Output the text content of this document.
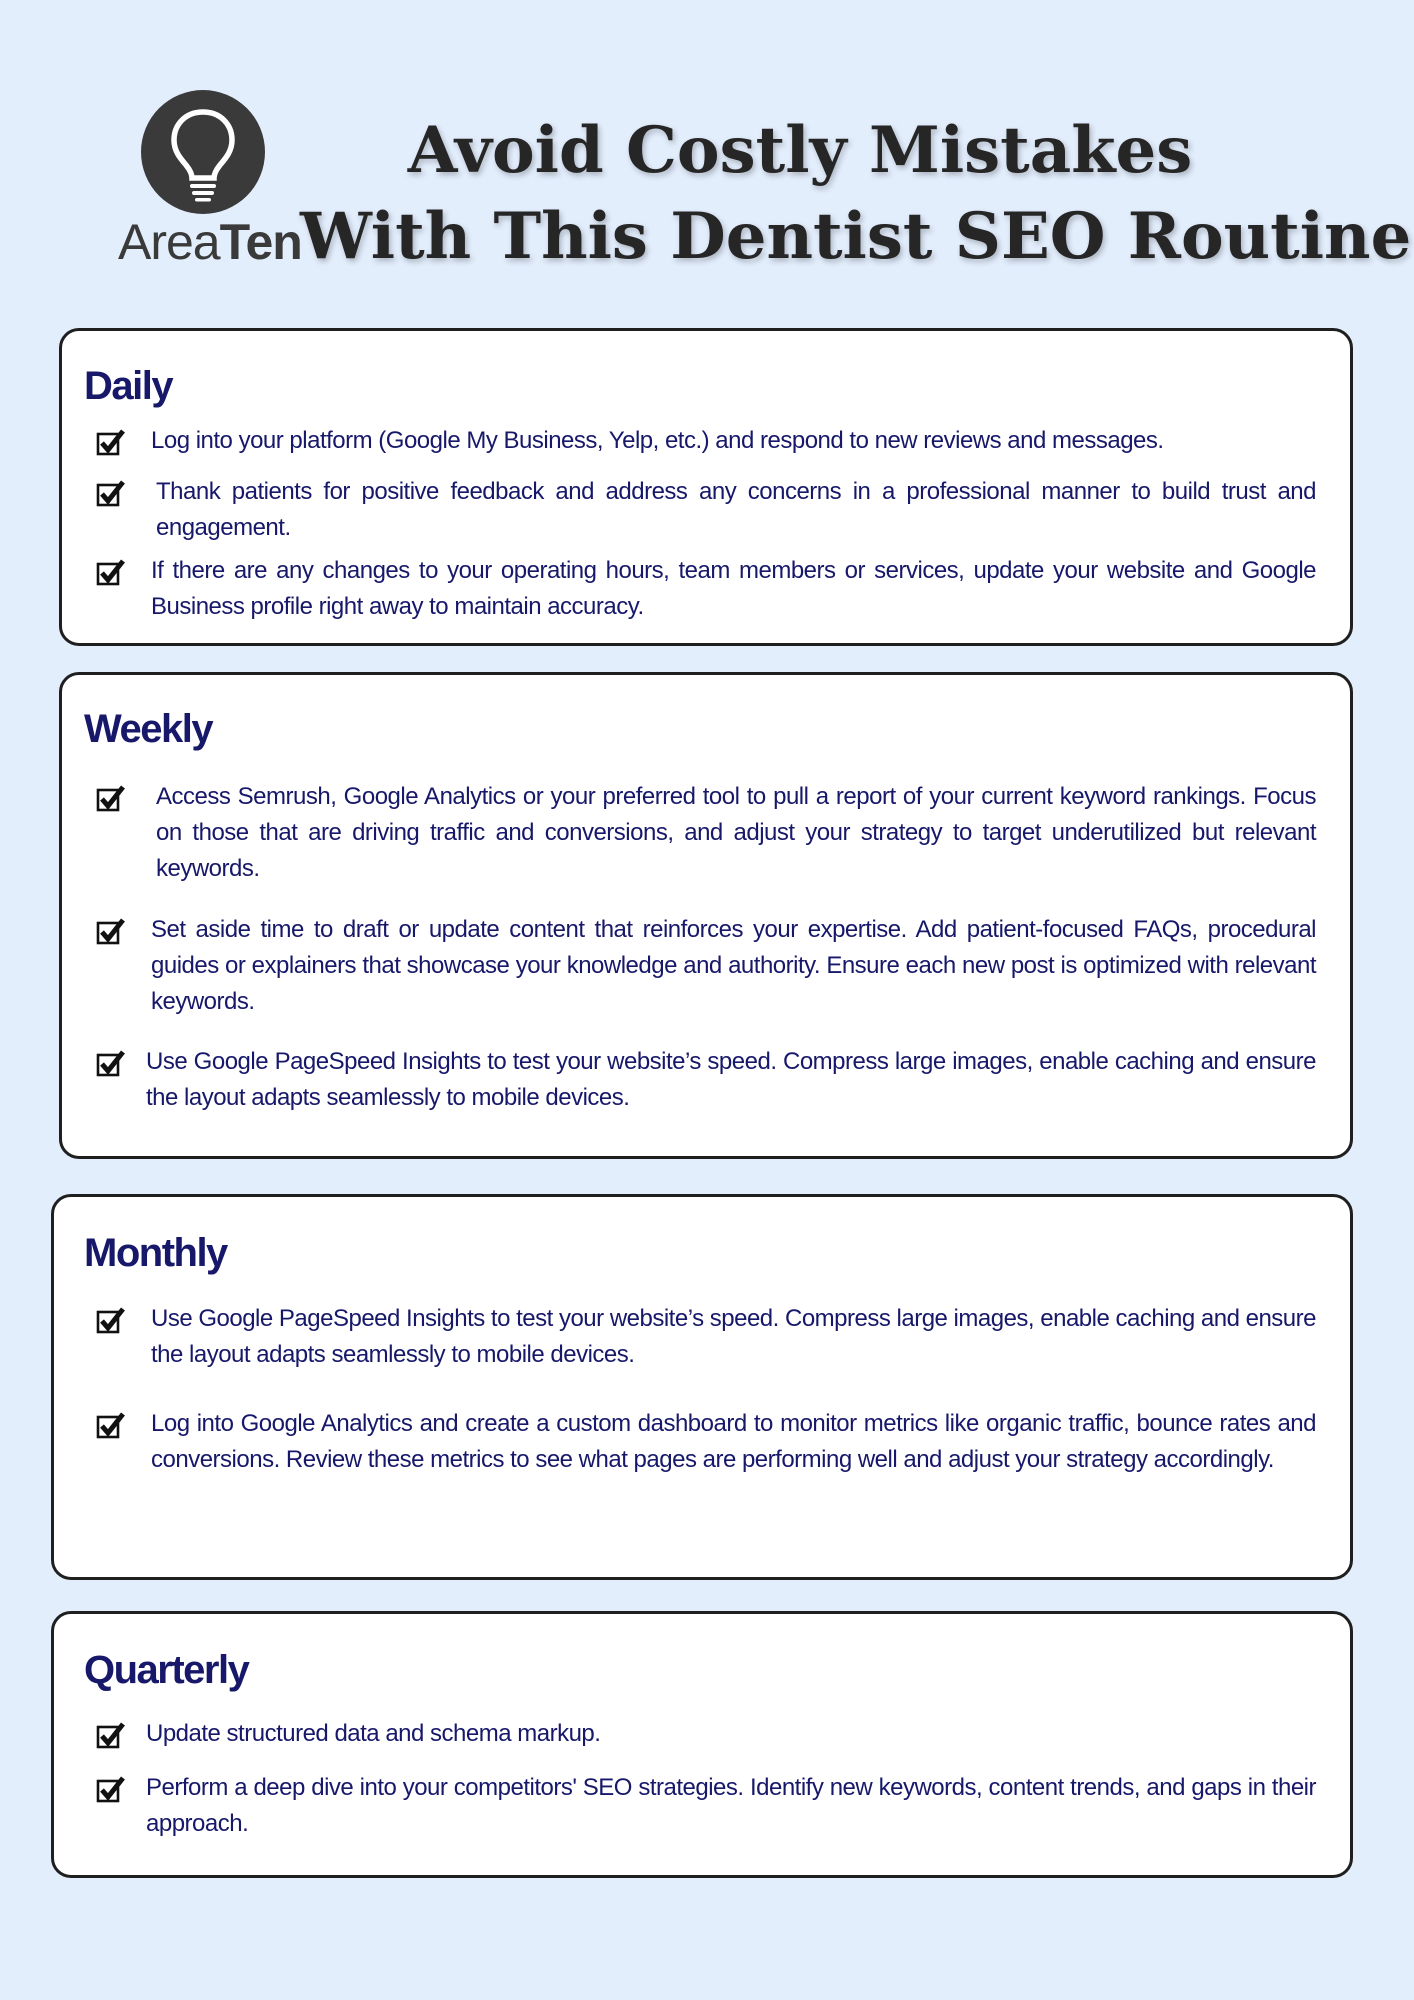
AreaTen
Avoid Costly Mistakes
With This Dentist SEO Routine
Daily
Log into your platform (Google My Business, Yelp, etc.) and respond to new reviews and messages.
Thank patients for positive feedback and address any concerns in a professional manner to build trust and engagement.
If there are any changes to your operating hours, team members or services, update your website and Google Business profile right away to maintain accuracy.
Weekly
Access Semrush, Google Analytics or your preferred tool to pull a report of your current keyword rankings. Focus on those that are driving traffic and conversions, and adjust your strategy to target underutilized but relevant keywords.
Set aside time to draft or update content that reinforces your expertise. Add patient-focused FAQs, procedural guides or explainers that showcase your knowledge and authority. Ensure each new post is optimized with relevant keywords.
Use Google PageSpeed Insights to test your website’s speed. Compress large images, enable caching and ensure the layout adapts seamlessly to mobile devices.
Monthly
Use Google PageSpeed Insights to test your website’s speed. Compress large images, enable caching and ensure the layout adapts seamlessly to mobile devices.
Log into Google Analytics and create a custom dashboard to monitor metrics like organic traffic, bounce rates and conversions. Review these metrics to see what pages are performing well and adjust your strategy accordingly.
Quarterly
Update structured data and schema markup.
Perform a deep dive into your competitors' SEO strategies. Identify new keywords, content trends, and gaps in their approach.
